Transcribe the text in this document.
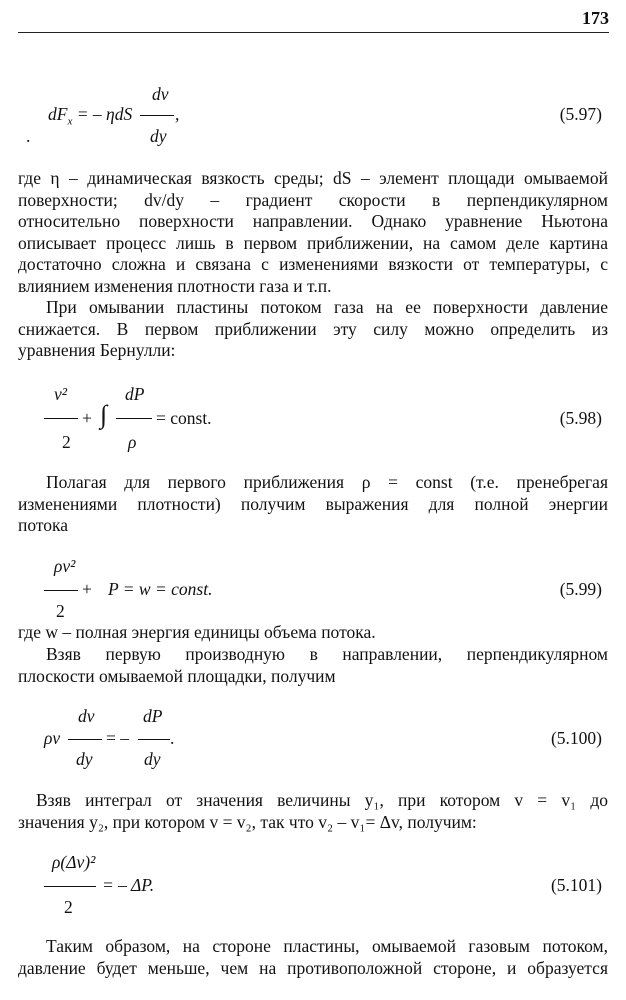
173
dv
$dF_x$ = – ηdS ,
.	dy
(5.97)
где η – динамическая вязкость среды; dS – элемент площади омываемой
поверхности; dv/dy – градиент скорости в перпендикулярном
относительно поверхности направлении. Однако уравнение Ньютона
описывает процесс лишь в первом приближении, на самом деле картина
достаточно сложна и связана с изменениями вязкости от температуры, с
влиянием изменения плотности газа и т.п.
При омывании пластины потоком газа на ее поверхности давление
снижается. В первом приближении эту силу можно определить из
уравнения Бернулли:
v²	dP
+ ∫	= const.
2	ρ
(5.98)
Полагая для первого приближения ρ = const (т.е. пренебрегая
изменениями плотности) получим выражения для полной энергии
потока
ρv²
+ P = w = const.
2
(5.99)
где w – полная энергия единицы объема потока.
Взяв первую производную в направлении, перпендикулярном
плоскости омываемой площадки, получим
dv	dP
ρv	= – .
dy	dy
(5.100)
Взяв интеграл от значения величины y₁, при котором v = v₁ до
значения y₂, при котором v = v₂, так что v₂ – v₁= Δv, получим:
ρ(Δv)²
= – ΔP.
2
(5.101)
Таким образом, на стороне пластины, омываемой газовым потоком,
давление будет меньше, чем на противоположной стороне, и образуется
